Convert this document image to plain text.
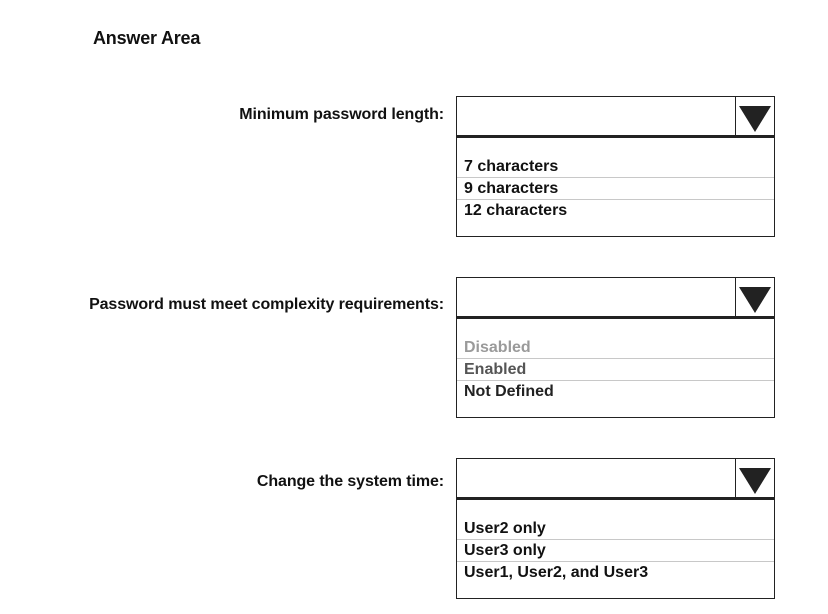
Answer Area
Minimum password length:
7 characters
9 characters
12 characters
Password must meet complexity requirements:
Disabled
Enabled
Not Defined
Change the system time:
User2 only
User3 only
User1, User2, and User3
